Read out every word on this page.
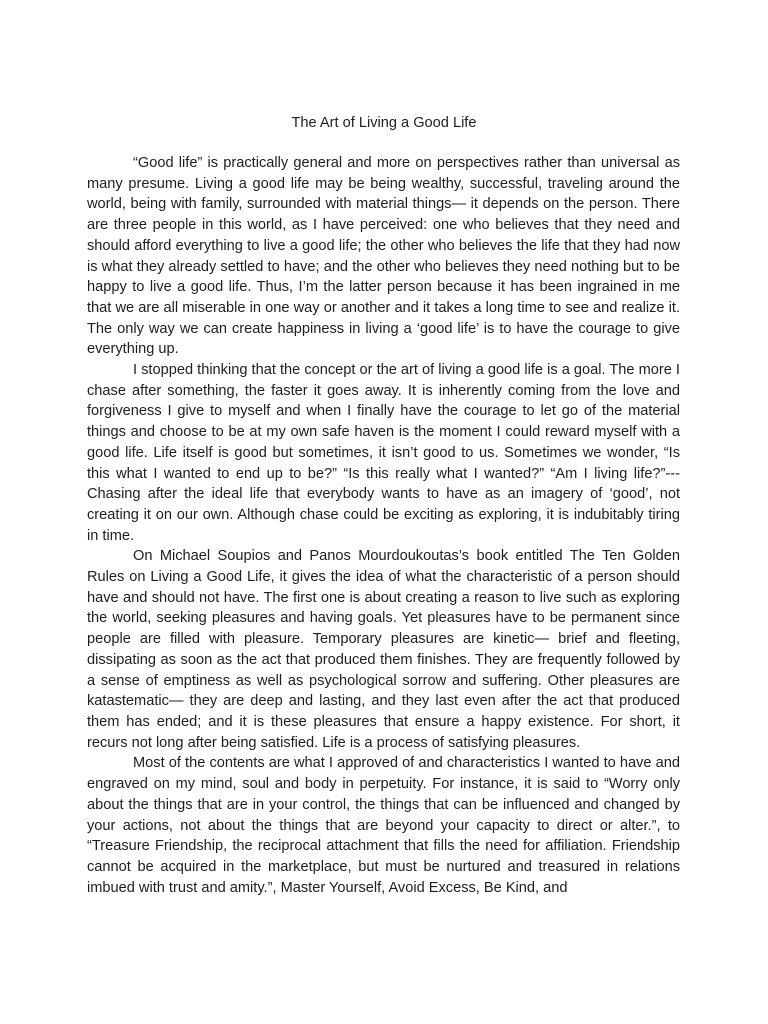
The Art of Living a Good Life

“Good life” is practically general and more on perspectives rather than universal as many presume. Living a good life may be being wealthy, successful, traveling around the world, being with family, surrounded with material things— it depends on the person. There are three people in this world, as I have perceived: one who believes that they need and should afford everything to live a good life; the other who believes the life that they had now is what they already settled to have; and the other who believes they need nothing but to be happy to live a good life. Thus, I’m the latter person because it has been ingrained in me that we are all miserable in one way or another and it takes a long time to see and realize it. The only way we can create happiness in living a ‘good life’ is to have the courage to give everything up.

I stopped thinking that the concept or the art of living a good life is a goal. The more I chase after something, the faster it goes away. It is inherently coming from the love and forgiveness I give to myself and when I finally have the courage to let go of the material things and choose to be at my own safe haven is the moment I could reward myself with a good life. Life itself is good but sometimes, it isn’t good to us. Sometimes we wonder, “Is this what I wanted to end up to be?” “Is this really what I wanted?” “Am I living life?”--- Chasing after the ideal life that everybody wants to have as an imagery of ‘good’, not creating it on our own. Although chase could be exciting as exploring, it is indubitably tiring in time.

On Michael Soupios and Panos Mourdoukoutas’s book entitled The Ten Golden Rules on Living a Good Life, it gives the idea of what the characteristic of a person should have and should not have. The first one is about creating a reason to live such as exploring the world, seeking pleasures and having goals. Yet pleasures have to be permanent since people are filled with pleasure. Temporary pleasures are kinetic— brief and fleeting, dissipating as soon as the act that produced them finishes. They are frequently followed by a sense of emptiness as well as psychological sorrow and suffering. Other pleasures are katastematic— they are deep and lasting, and they last even after the act that produced them has ended; and it is these pleasures that ensure a happy existence. For short, it recurs not long after being satisfied. Life is a process of satisfying pleasures.

Most of the contents are what I approved of and characteristics I wanted to have and engraved on my mind, soul and body in perpetuity. For instance, it is said to “Worry only about the things that are in your control, the things that can be influenced and changed by your actions, not about the things that are beyond your capacity to direct or alter.”, to “Treasure Friendship, the reciprocal attachment that fills the need for affiliation. Friendship cannot be acquired in the marketplace, but must be nurtured and treasured in relations imbued with trust and amity.”, Master Yourself, Avoid Excess, Be Kind, and
